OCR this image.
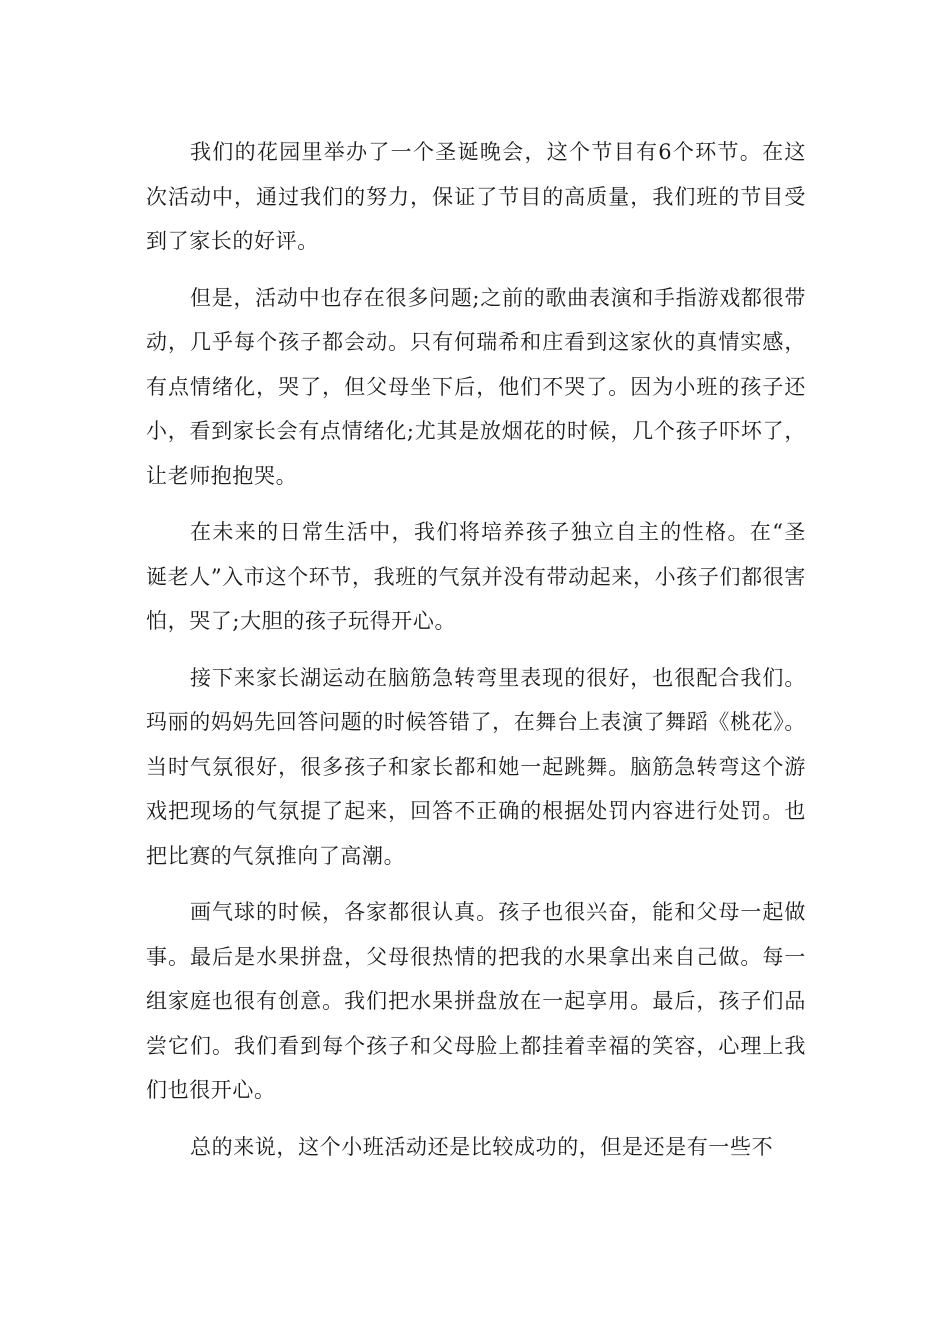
我们的花园里举办了一个圣诞晚会，这个节目有6个环节。在这次活动中，通过我们的努力，保证了节目的高质量，我们班的节目受到了家长的好评。

但是，活动中也存在很多问题;之前的歌曲表演和手指游戏都很带动，几乎每个孩子都会动。只有何瑞希和庄看到这家伙的真情实感，有点情绪化，哭了，但父母坐下后，他们不哭了。因为小班的孩子还小，看到家长会有点情绪化;尤其是放烟花的时候，几个孩子吓坏了，让老师抱抱哭。

在未来的日常生活中，我们将培养孩子独立自主的性格。在“圣诞老人”入市这个环节，我班的气氛并没有带动起来，小孩子们都很害怕，哭了;大胆的孩子玩得开心。

接下来家长湖运动在脑筋急转弯里表现的很好，也很配合我们。玛丽的妈妈先回答问题的时候答错了，在舞台上表演了舞蹈《桃花》。当时气氛很好，很多孩子和家长都和她一起跳舞。脑筋急转弯这个游戏把现场的气氛提了起来，回答不正确的根据处罚内容进行处罚。也把比赛的气氛推向了高潮。

画气球的时候，各家都很认真。孩子也很兴奋，能和父母一起做事。最后是水果拼盘，父母很热情的把我的水果拿出来自己做。每一组家庭也很有创意。我们把水果拼盘放在一起享用。最后，孩子们品尝它们。我们看到每个孩子和父母脸上都挂着幸福的笑容，心理上我们也很开心。

总的来说，这个小班活动还是比较成功的，但是还是有一些不
